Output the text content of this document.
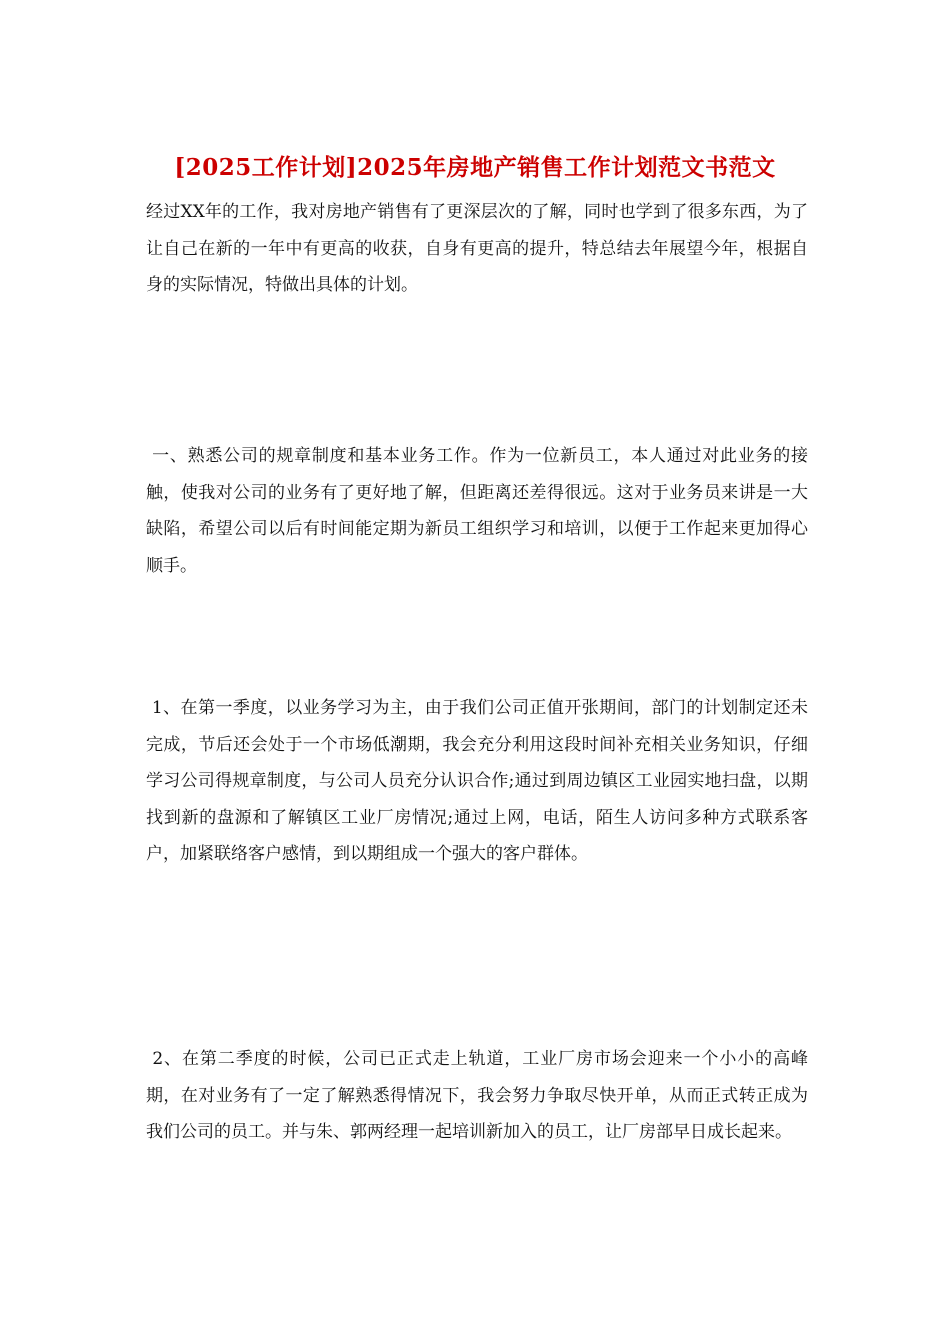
[2025工作计划]2025年房地产销售工作计划范文书范文

经过XX年的工作，我对房地产销售有了更深层次的了解，同时也学到了很多东西，为了让自己在新的一年中有更高的收获，自身有更高的提升，特总结去年展望今年，根据自身的实际情况，特做出具体的计划。

一、熟悉公司的规章制度和基本业务工作。作为一位新员工，本人通过对此业务的接触，使我对公司的业务有了更好地了解，但距离还差得很远。这对于业务员来讲是一大缺陷，希望公司以后有时间能定期为新员工组织学习和培训，以便于工作起来更加得心顺手。

1、在第一季度，以业务学习为主，由于我们公司正值开张期间，部门的计划制定还未完成，节后还会处于一个市场低潮期，我会充分利用这段时间补充相关业务知识，仔细学习公司得规章制度，与公司人员充分认识合作;通过到周边镇区工业园实地扫盘，以期找到新的盘源和了解镇区工业厂房情况;通过上网，电话，陌生人访问多种方式联系客户，加紧联络客户感情，到以期组成一个强大的客户群体。

2、在第二季度的时候，公司已正式走上轨道，工业厂房市场会迎来一个小小的高峰期，在对业务有了一定了解熟悉得情况下，我会努力争取尽快开单，从而正式转正成为我们公司的员工。并与朱、郭两经理一起培训新加入的员工，让厂房部早日成长起来。
